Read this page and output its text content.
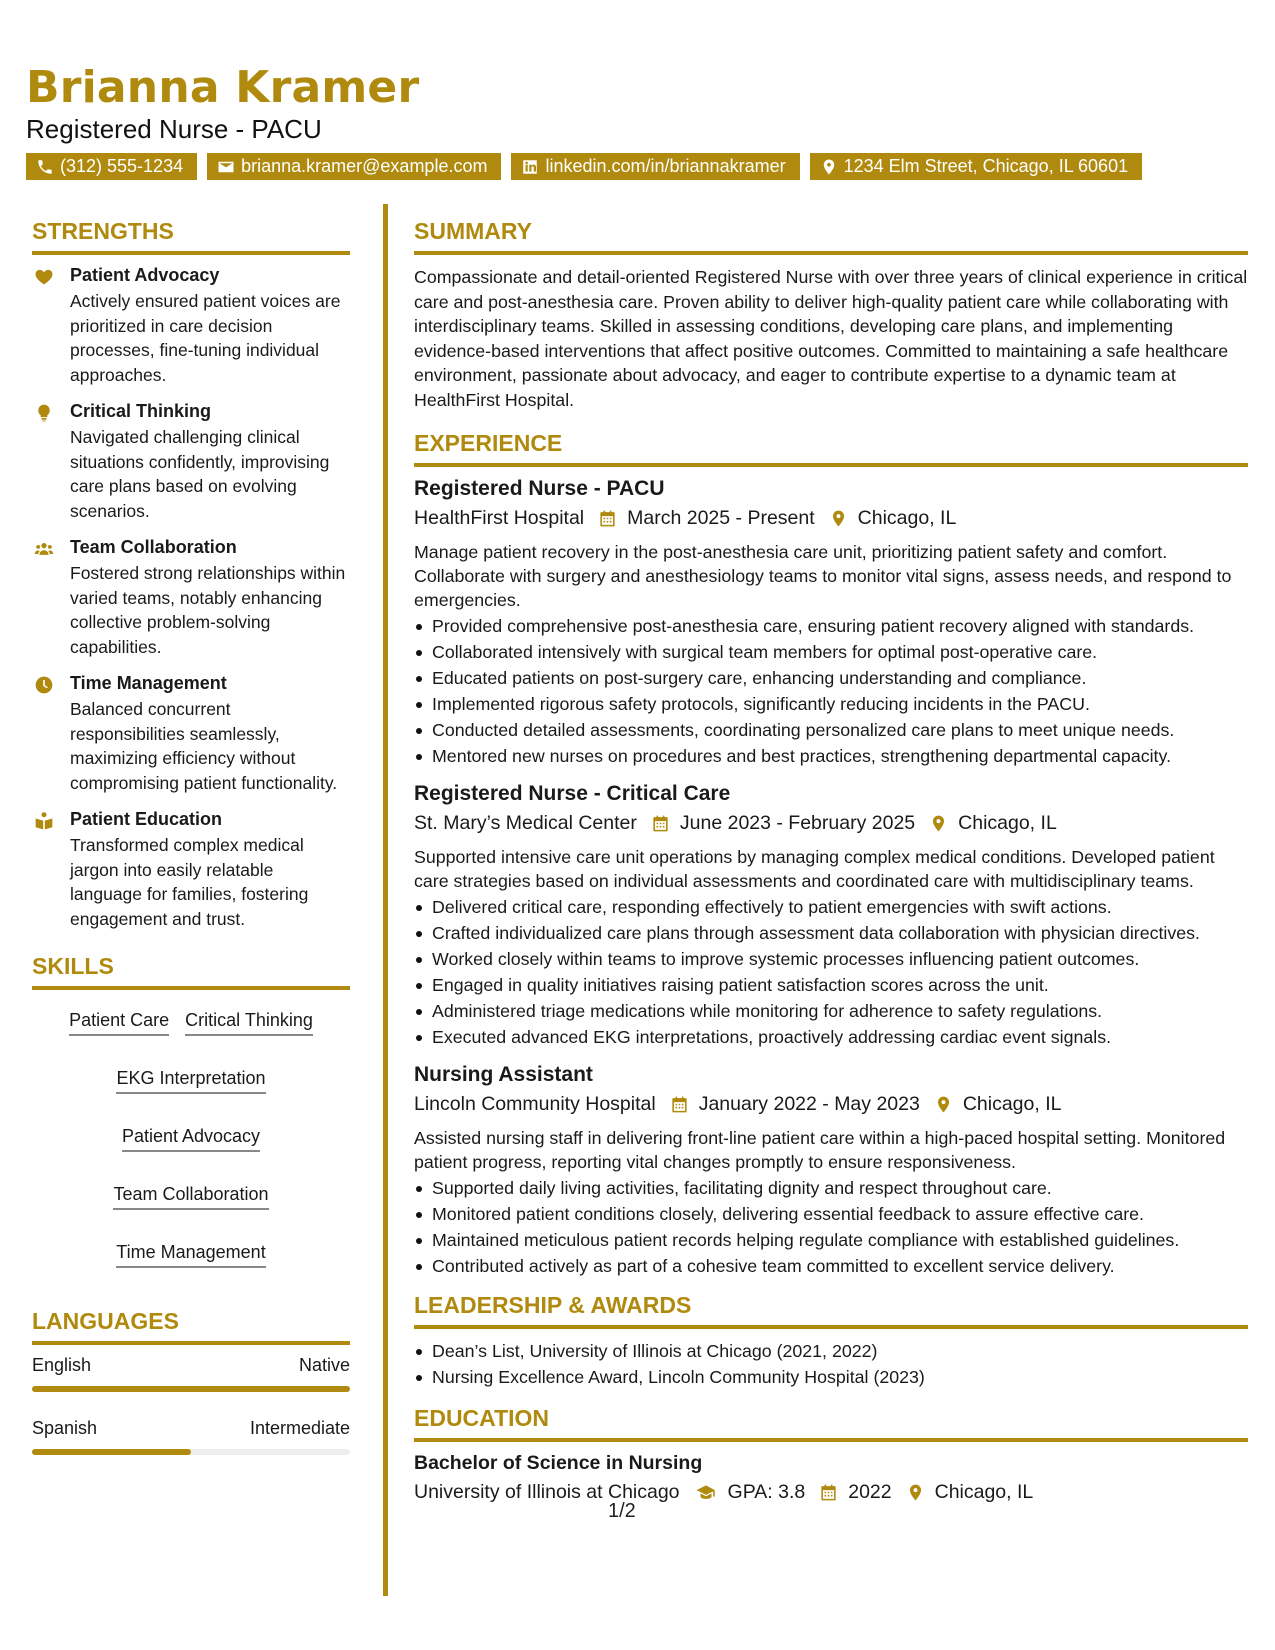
Brianna Kramer
Registered Nurse - PACU
(312) 555-1234	brianna.kramer@example.com	linkedin.com/in/briannakramer	1234 Elm Street, Chicago, IL 60601
STRENGTHS
Patient Advocacy
Actively ensured patient voices are prioritized in care decision processes, fine-tuning individual approaches.
Critical Thinking
Navigated challenging clinical situations confidently, improvising care plans based on evolving scenarios.
Team Collaboration
Fostered strong relationships within varied teams, notably enhancing collective problem-solving capabilities.
Time Management
Balanced concurrent responsibilities seamlessly, maximizing efficiency without compromising patient functionality.
Patient Education
Transformed complex medical jargon into easily relatable language for families, fostering engagement and trust.
SKILLS
Patient Care Critical Thinking
EKG Interpretation
Patient Advocacy
Team Collaboration
Time Management
LANGUAGES
English	Native
Spanish	Intermediate
SUMMARY
Compassionate and detail-oriented Registered Nurse with over three years of clinical experience in critical care and post-anesthesia care. Proven ability to deliver high-quality patient care while collaborating with interdisciplinary teams. Skilled in assessing conditions, developing care plans, and implementing evidence-based interventions that affect positive outcomes. Committed to maintaining a safe healthcare environment, passionate about advocacy, and eager to contribute expertise to a dynamic team at HealthFirst Hospital.
EXPERIENCE
Registered Nurse - PACU
HealthFirst Hospital March 2025 - Present Chicago, IL
Manage patient recovery in the post-anesthesia care unit, prioritizing patient safety and comfort. Collaborate with surgery and anesthesiology teams to monitor vital signs, assess needs, and respond to emergencies.
Provided comprehensive post-anesthesia care, ensuring patient recovery aligned with standards.
Collaborated intensively with surgical team members for optimal post-operative care.
Educated patients on post-surgery care, enhancing understanding and compliance.
Implemented rigorous safety protocols, significantly reducing incidents in the PACU.
Conducted detailed assessments, coordinating personalized care plans to meet unique needs.
Mentored new nurses on procedures and best practices, strengthening departmental capacity.
Registered Nurse - Critical Care
St. Mary’s Medical Center June 2023 - February 2025 Chicago, IL
Supported intensive care unit operations by managing complex medical conditions. Developed patient care strategies based on individual assessments and coordinated care with multidisciplinary teams.
Delivered critical care, responding effectively to patient emergencies with swift actions.
Crafted individualized care plans through assessment data collaboration with physician directives.
Worked closely within teams to improve systemic processes influencing patient outcomes.
Engaged in quality initiatives raising patient satisfaction scores across the unit.
Administered triage medications while monitoring for adherence to safety regulations.
Executed advanced EKG interpretations, proactively addressing cardiac event signals.
Nursing Assistant
Lincoln Community Hospital January 2022 - May 2023 Chicago, IL
Assisted nursing staff in delivering front-line patient care within a high-paced hospital setting. Monitored patient progress, reporting vital changes promptly to ensure responsiveness.
Supported daily living activities, facilitating dignity and respect throughout care.
Monitored patient conditions closely, delivering essential feedback to assure effective care.
Maintained meticulous patient records helping regulate compliance with established guidelines.
Contributed actively as part of a cohesive team committed to excellent service delivery.
LEADERSHIP & AWARDS
Dean’s List, University of Illinois at Chicago (2021, 2022)
Nursing Excellence Award, Lincoln Community Hospital (2023)
EDUCATION
Bachelor of Science in Nursing
University of Illinois at Chicago GPA: 3.8 2022 Chicago, IL
1/2
